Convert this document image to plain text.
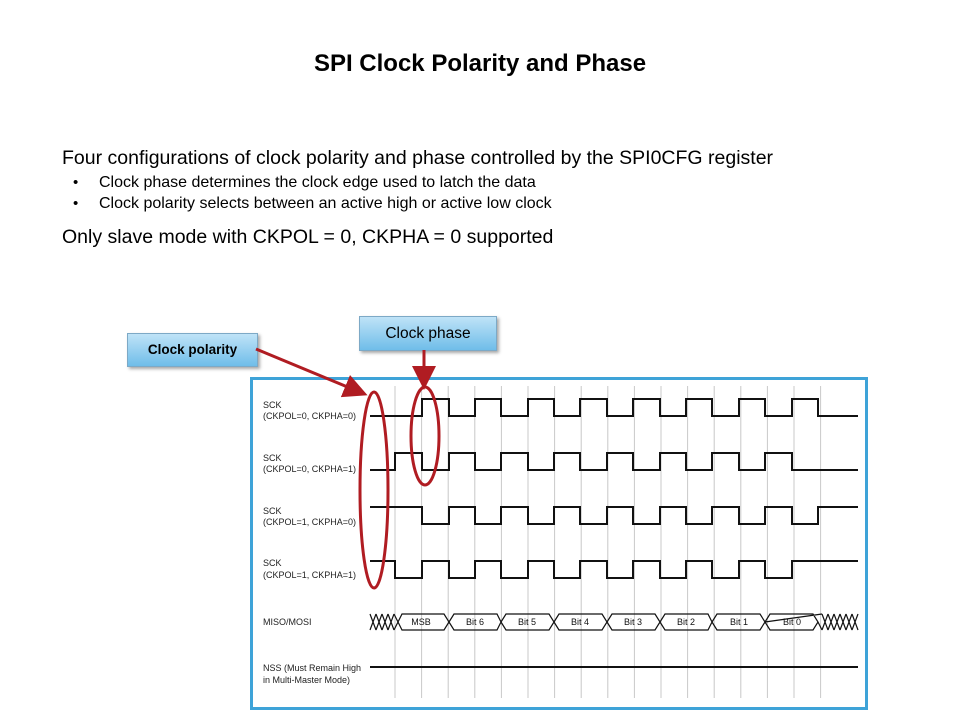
SPI Clock Polarity and Phase

Four configurations of clock polarity and phase controlled by the SPI0CFG register

• Clock phase determines the clock edge used to latch the data
• Clock polarity selects between an active high or active low clock

Only slave mode with CKPOL = 0, CKPHA = 0 supported

Clock polarity
Clock phase
SCK
(CKPOL=0, CKPHA=0)
SCK
(CKPOL=0, CKPHA=1)
SCK
(CKPOL=1, CKPHA=0)
SCK
(CKPOL=1, CKPHA=1)
MISO/MOSI
NSS (Must Remain High
in Multi-Master Mode)
MSB	Bit 6	Bit 5	Bit 4	Bit 3	Bit 2	Bit 1	Bit 0
